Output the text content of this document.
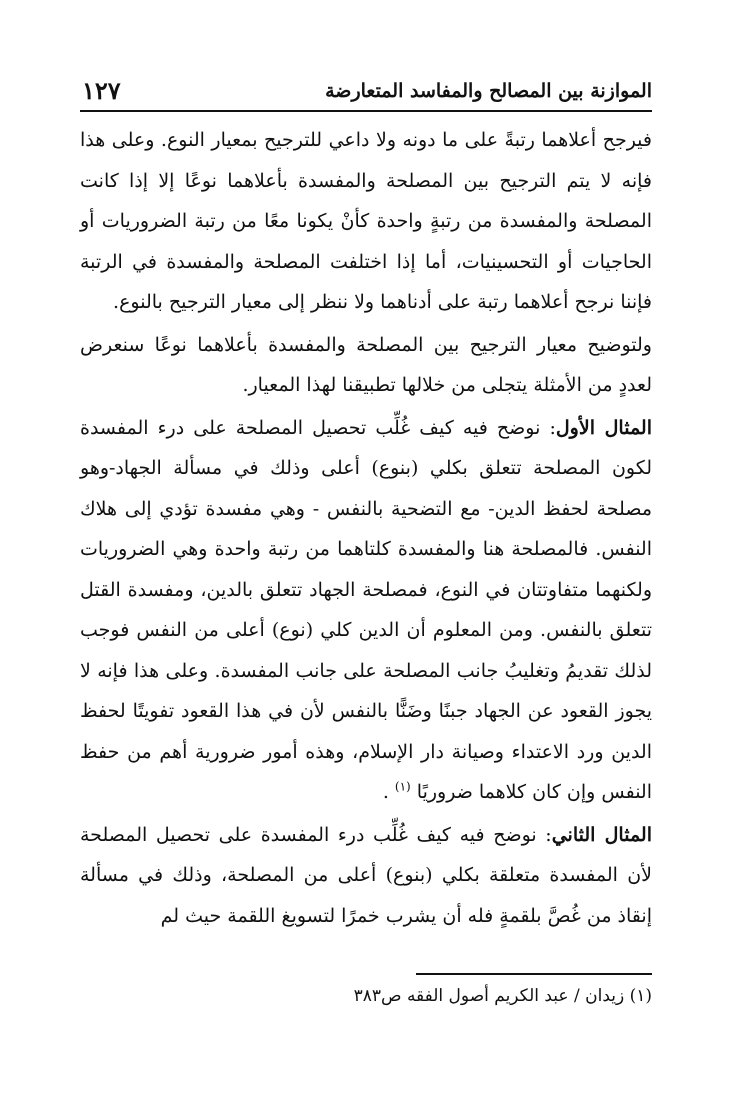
١٢٧	الموازنة بين المصالح والمفاسد المتعارضة

فيرجح أعلاهما رتبةً على ما دونه ولا داعي للترجيح بمعيار النوع. وعلى هذا فإنه لا يتم الترجيح بين المصلحة والمفسدة بأعلاهما نوعًا إلا إذا كانت المصلحة والمفسدة من رتبةٍ واحدة كأنْ يكونا معًا من رتبة الضروريات أو الحاجيات أو التحسينيات، أما إذا اختلفت المصلحة والمفسدة في الرتبة فإننا نرجح أعلاهما رتبة على أدناهما ولا ننظر إلى معيار الترجيح بالنوع.

ولتوضيح معيار الترجيح بين المصلحة والمفسدة بأعلاهما نوعًا سنعرض لعددٍ من الأمثلة يتجلى من خلالها تطبيقنا لهذا المعيار.

المثال الأول: نوضح فيه كيف غُلِّب تحصيل المصلحة على درء المفسدة لكون المصلحة تتعلق بكلي (بنوع) أعلى وذلك في مسألة الجهاد-وهو مصلحة لحفظ الدين- مع التضحية بالنفس - وهي مفسدة تؤدي إلى هلاك النفس. فالمصلحة هنا والمفسدة كلتاهما من رتبة واحدة وهي الضروريات ولكنهما متفاوتتان في النوع، فمصلحة الجهاد تتعلق بالدين، ومفسدة القتل تتعلق بالنفس. ومن المعلوم أن الدين كلي (نوع) أعلى من النفس فوجب لذلك تقديمُ وتغليبُ جانب المصلحة على جانب المفسدة. وعلى هذا فإنه لا يجوز القعود عن الجهاد جبنًا وضَنًّا بالنفس لأن في هذا القعود تفويتًا لحفظ الدين ورد الاعتداء وصيانة دار الإسلام، وهذه أمور ضرورية أهم من حفظ النفس وإن كان كلاهما ضروريًا $^{(١)}$ .

المثال الثاني: نوضح فيه كيف غُلِّب درء المفسدة على تحصيل المصلحة لأن المفسدة متعلقة بكلي (بنوع) أعلى من المصلحة، وذلك في مسألة إنقاذ من غُصَّ بلقمةٍ فله أن يشرب خمرًا لتسويغ اللقمة حيث لم

(١) زيدان / عبد الكريم أصول الفقه ص٣٨٣
